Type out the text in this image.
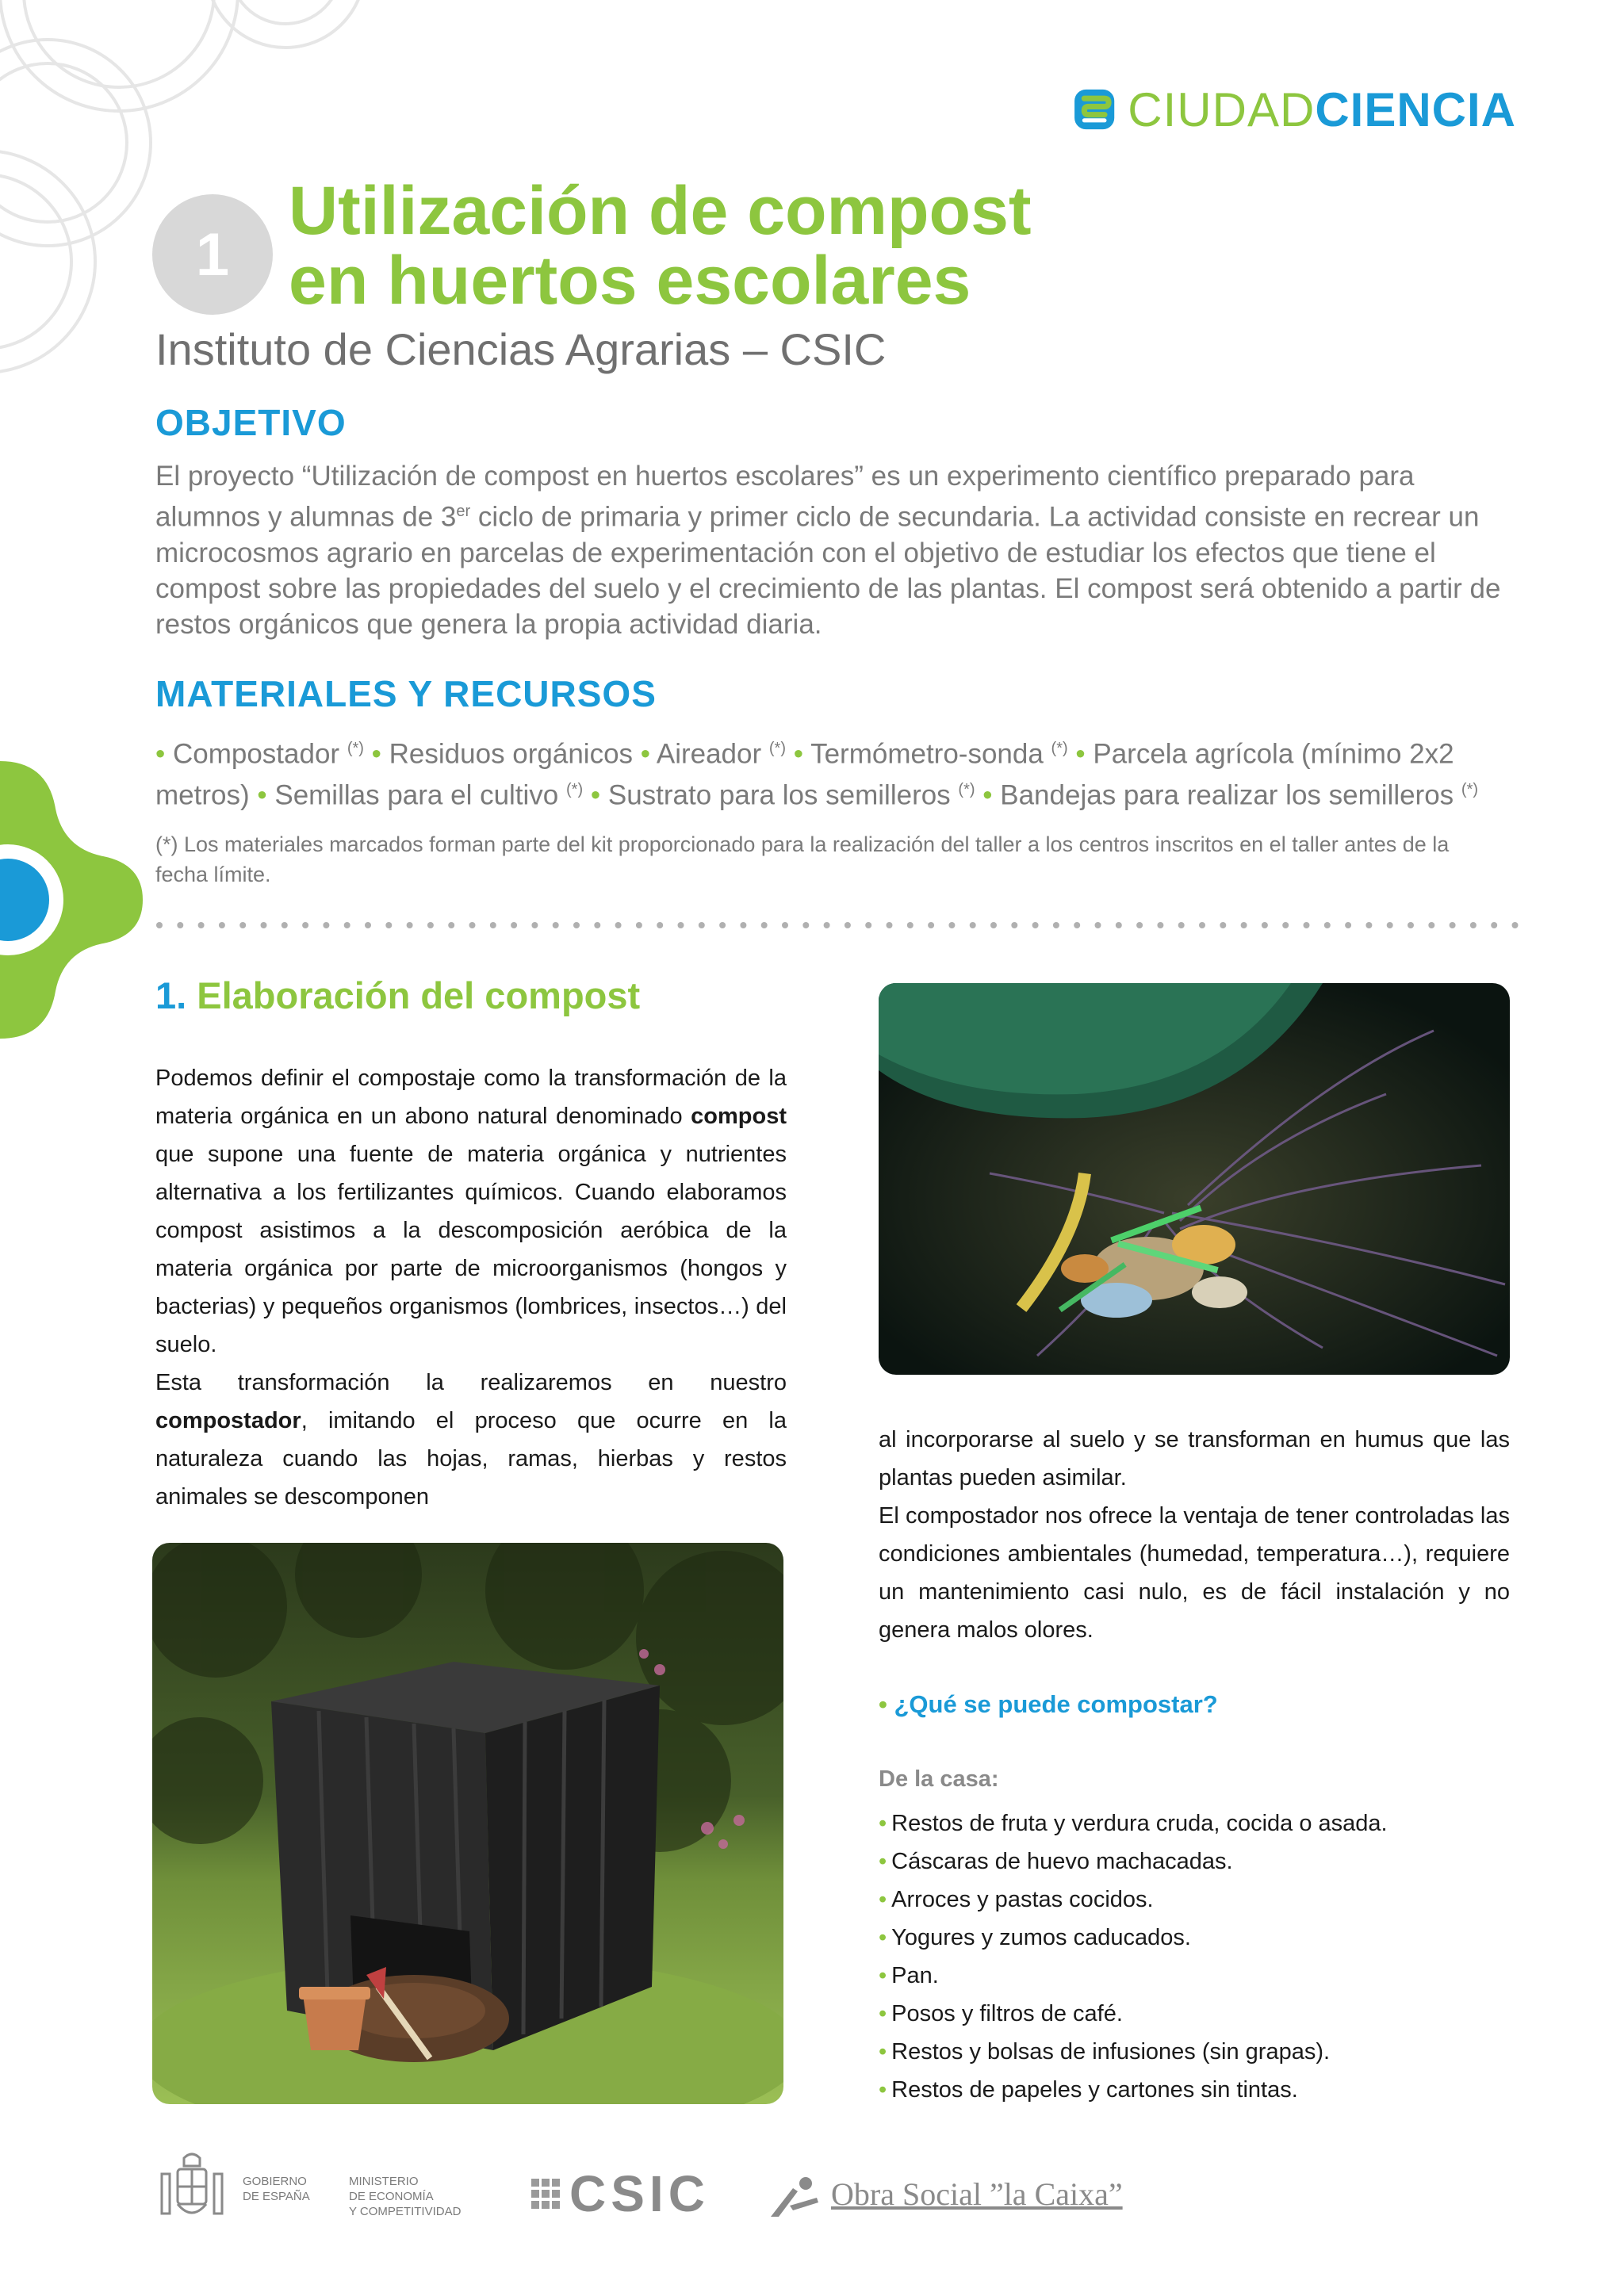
CIUDADCIENCIA
1
Utilización de compost
en huertos escolares
Instituto de Ciencias Agrarias – CSIC
OBJETIVO
El proyecto “Utilización de compost en huertos escolares” es un experimento científico preparado para alumnos y alumnas de 3er ciclo de primaria y primer ciclo de secundaria. La actividad consiste en recrear un microcosmos agrario en parcelas de experimentación con el objetivo de estudiar los efectos que tiene el compost sobre las propiedades del suelo y el crecimiento de las plantas. El compost será obtenido a partir de restos orgánicos que genera la propia actividad diaria.
MATERIALES Y RECURSOS
• Compostador (*) • Residuos orgánicos • Aireador (*) • Termómetro-sonda (*) • Parcela agrícola (mínimo 2x2 metros) • Semillas para el cultivo (*) • Sustrato para los semilleros (*) • Bandejas para realizar los semilleros (*)
(*) Los materiales marcados forman parte del kit proporcionado para la realización del taller a los centros inscritos en el taller antes de la fecha límite.
1. Elaboración del compost
Podemos definir el compostaje como la transformación de la materia orgánica en un abono natural denominado compost que supone una fuente de materia orgánica y nutrientes alternativa a los fertilizantes químicos. Cuando elaboramos compost asistimos a la descomposición aeróbica de la materia orgánica por parte de microorganismos (hongos y bacterias) y pequeños organismos (lombrices, insectos…) del suelo.
Esta transformación la realizaremos en nuestro compostador, imitando el proceso que ocurre en la naturaleza cuando las hojas, ramas, hierbas y restos animales se descomponen
al incorporarse al suelo y se transforman en humus que las plantas pueden asimilar.
El compostador nos ofrece la ventaja de tener controladas las condiciones ambientales (humedad, temperatura…), requiere un mantenimiento casi nulo, es de fácil instalación y no genera malos olores.
• ¿Qué se puede compostar?
De la casa:
• Restos de fruta y verdura cruda, cocida o asada.
• Cáscaras de huevo machacadas.
• Arroces y pastas cocidos.
• Yogures y zumos caducados.
• Pan.
• Posos y filtros de café.
• Restos y bolsas de infusiones (sin grapas).
• Restos de papeles y cartones sin tintas.
GOBIERNO
DE ESPAÑA
MINISTERIO
DE ECONOMÍA
Y COMPETITIVIDAD CSIC	Obra Social ”la Caixa”
